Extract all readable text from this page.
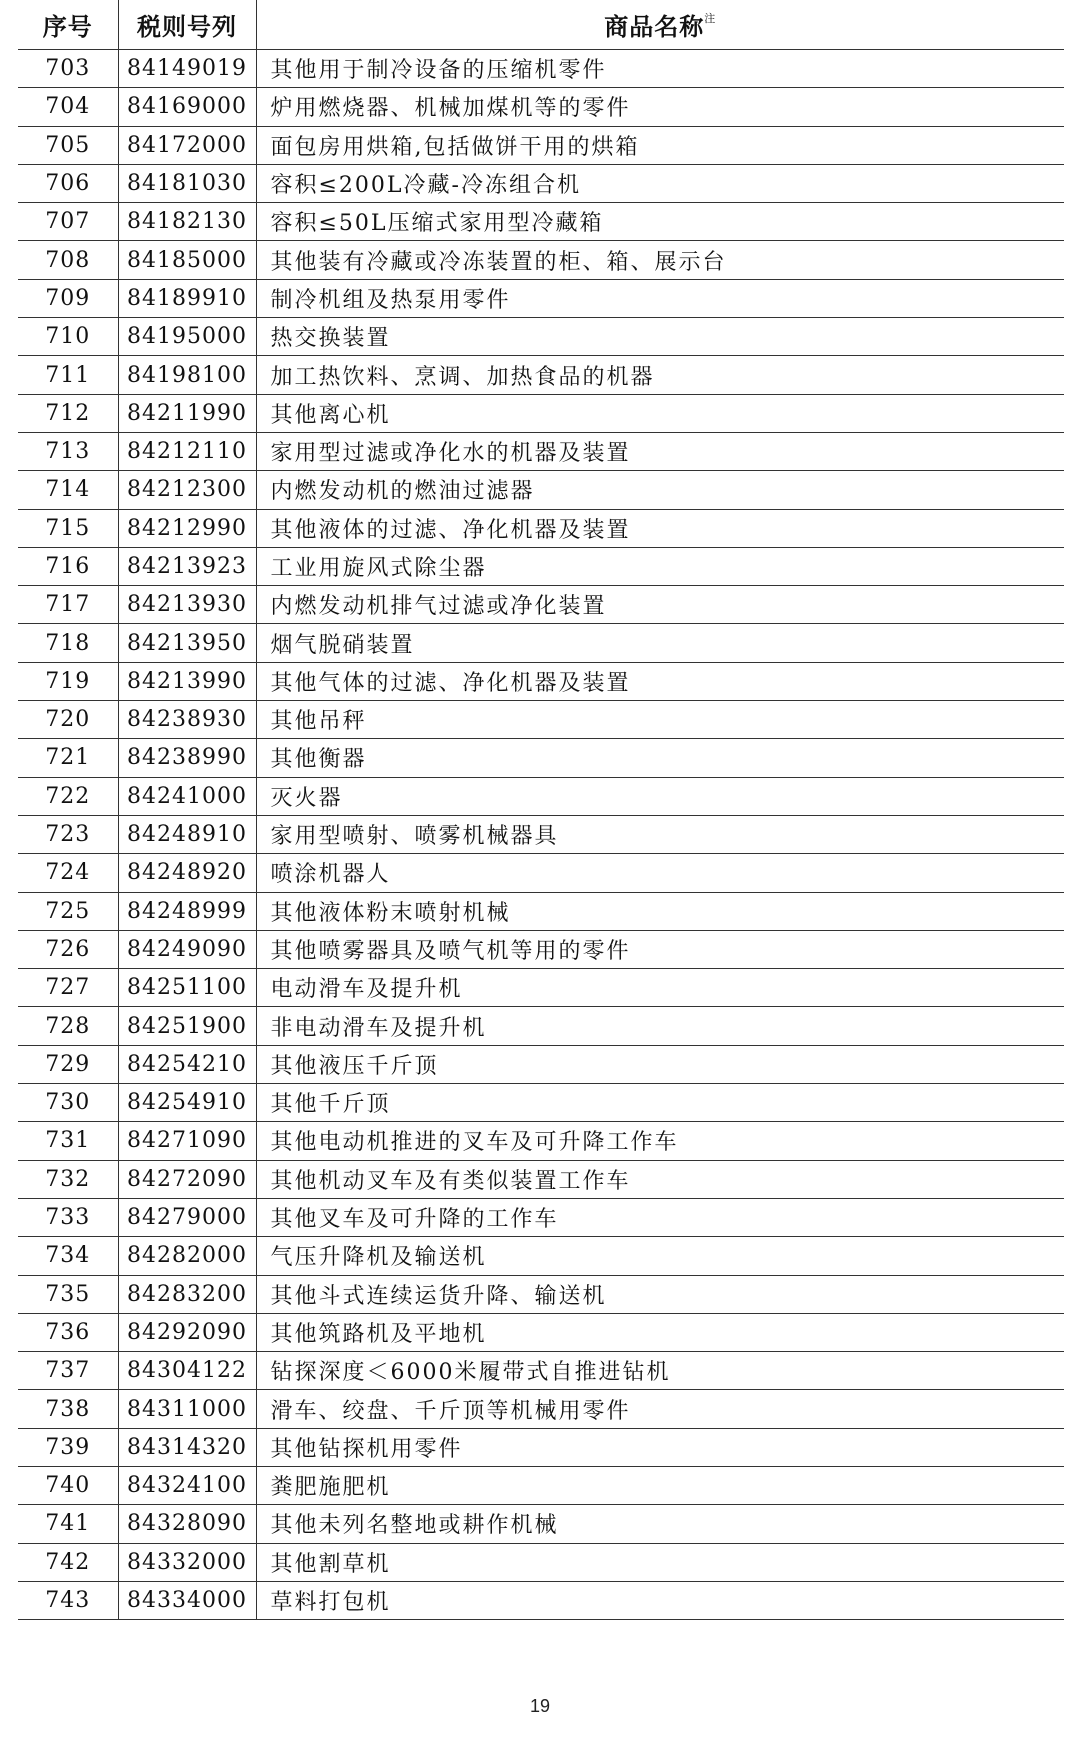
序号	税则号列	商品名称$^注$
703	84149019	其他用于制冷设备的压缩机零件
704	84169000	炉用燃烧器、机械加煤机等的零件
705	84172000	面包房用烘箱,包括做饼干用的烘箱
706	84181030	容积≤200L冷藏-冷冻组合机
707	84182130	容积≤50L压缩式家用型冷藏箱
708	84185000	其他装有冷藏或冷冻装置的柜、箱、展示台
709	84189910	制冷机组及热泵用零件
710	84195000	热交换装置
711	84198100	加工热饮料、烹调、加热食品的机器
712	84211990	其他离心机
713	84212110	家用型过滤或净化水的机器及装置
714	84212300	内燃发动机的燃油过滤器
715	84212990	其他液体的过滤、净化机器及装置
716	84213923	工业用旋风式除尘器
717	84213930	内燃发动机排气过滤或净化装置
718	84213950	烟气脱硝装置
719	84213990	其他气体的过滤、净化机器及装置
720	84238930	其他吊秤
721	84238990	其他衡器
722	84241000	灭火器
723	84248910	家用型喷射、喷雾机械器具
724	84248920	喷涂机器人
725	84248999	其他液体粉末喷射机械
726	84249090	其他喷雾器具及喷气机等用的零件
727	84251100	电动滑车及提升机
728	84251900	非电动滑车及提升机
729	84254210	其他液压千斤顶
730	84254910	其他千斤顶
731	84271090	其他电动机推进的叉车及可升降工作车
732	84272090	其他机动叉车及有类似装置工作车
733	84279000	其他叉车及可升降的工作车
734	84282000	气压升降机及输送机
735	84283200	其他斗式连续运货升降、输送机
736	84292090	其他筑路机及平地机
737	84304122	钻探深度＜6000米履带式自推进钻机
738	84311000	滑车、绞盘、千斤顶等机械用零件
739	84314320	其他钻探机用零件
740	84324100	粪肥施肥机
741	84328090	其他未列名整地或耕作机械
742	84332000	其他割草机
743	84334000	草料打包机
19
